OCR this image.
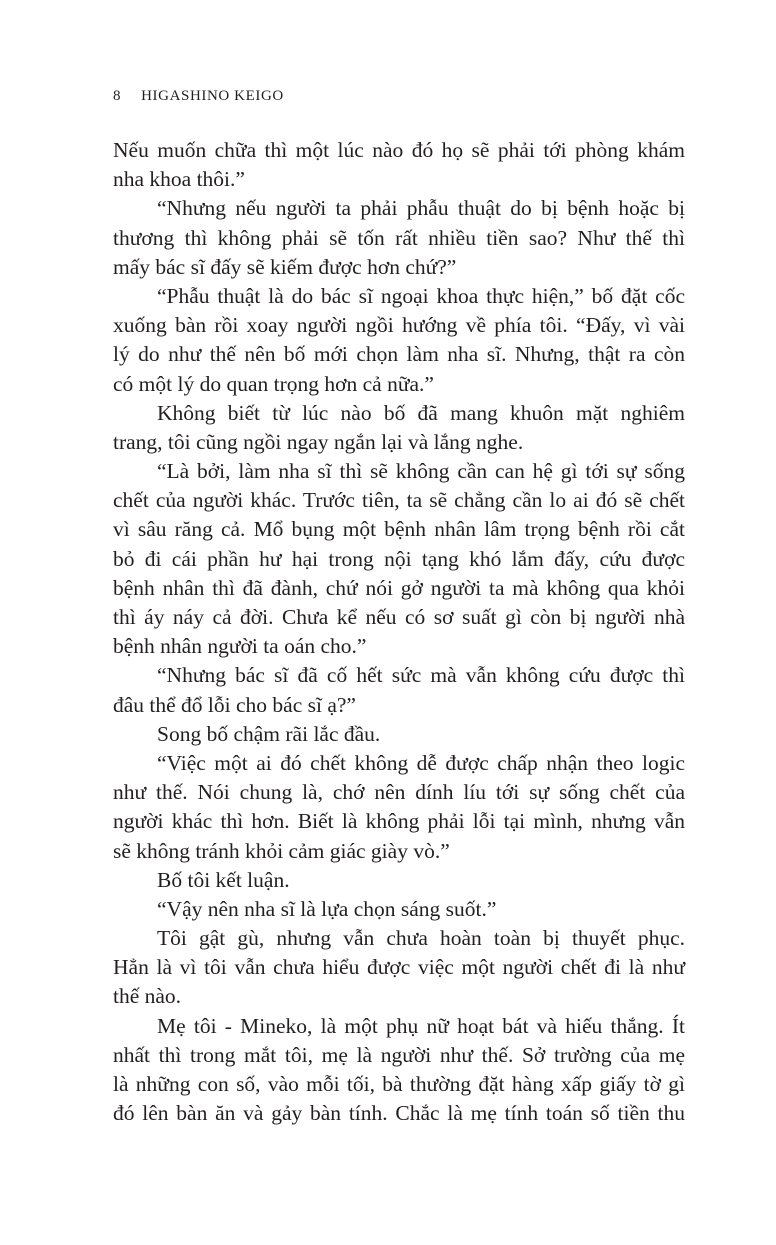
8 HIGASHINO KEIGO
Nếu muốn chữa thì một lúc nào đó họ sẽ phải tới phòng khám
nha khoa thôi.”
“Nhưng nếu người ta phải phẫu thuật do bị bệnh hoặc bị
thương thì không phải sẽ tốn rất nhiều tiền sao? Như thế thì
mấy bác sĩ đấy sẽ kiếm được hơn chứ?”
“Phẫu thuật là do bác sĩ ngoại khoa thực hiện,” bố đặt cốc
xuống bàn rồi xoay người ngồi hướng về phía tôi. “Đấy, vì vài
lý do như thế nên bố mới chọn làm nha sĩ. Nhưng, thật ra còn
có một lý do quan trọng hơn cả nữa.”
Không biết từ lúc nào bố đã mang khuôn mặt nghiêm
trang, tôi cũng ngồi ngay ngắn lại và lắng nghe.
“Là bởi, làm nha sĩ thì sẽ không cần can hệ gì tới sự sống
chết của người khác. Trước tiên, ta sẽ chẳng cần lo ai đó sẽ chết
vì sâu răng cả. Mổ bụng một bệnh nhân lâm trọng bệnh rồi cắt
bỏ đi cái phần hư hại trong nội tạng khó lắm đấy, cứu được
bệnh nhân thì đã đành, chứ nói gở người ta mà không qua khỏi
thì áy náy cả đời. Chưa kể nếu có sơ suất gì còn bị người nhà
bệnh nhân người ta oán cho.”
“Nhưng bác sĩ đã cố hết sức mà vẫn không cứu được thì
đâu thể đổ lỗi cho bác sĩ ạ?”
Song bố chậm rãi lắc đầu.
“Việc một ai đó chết không dễ được chấp nhận theo logic
như thế. Nói chung là, chớ nên dính líu tới sự sống chết của
người khác thì hơn. Biết là không phải lỗi tại mình, nhưng vẫn
sẽ không tránh khỏi cảm giác giày vò.”
Bố tôi kết luận.
“Vậy nên nha sĩ là lựa chọn sáng suốt.”
Tôi gật gù, nhưng vẫn chưa hoàn toàn bị thuyết phục.
Hẳn là vì tôi vẫn chưa hiểu được việc một người chết đi là như
thế nào.
Mẹ tôi - Mineko, là một phụ nữ hoạt bát và hiếu thắng. Ít
nhất thì trong mắt tôi, mẹ là người như thế. Sở trường của mẹ
là những con số, vào mỗi tối, bà thường đặt hàng xấp giấy tờ gì
đó lên bàn ăn và gảy bàn tính. Chắc là mẹ tính toán số tiền thu
